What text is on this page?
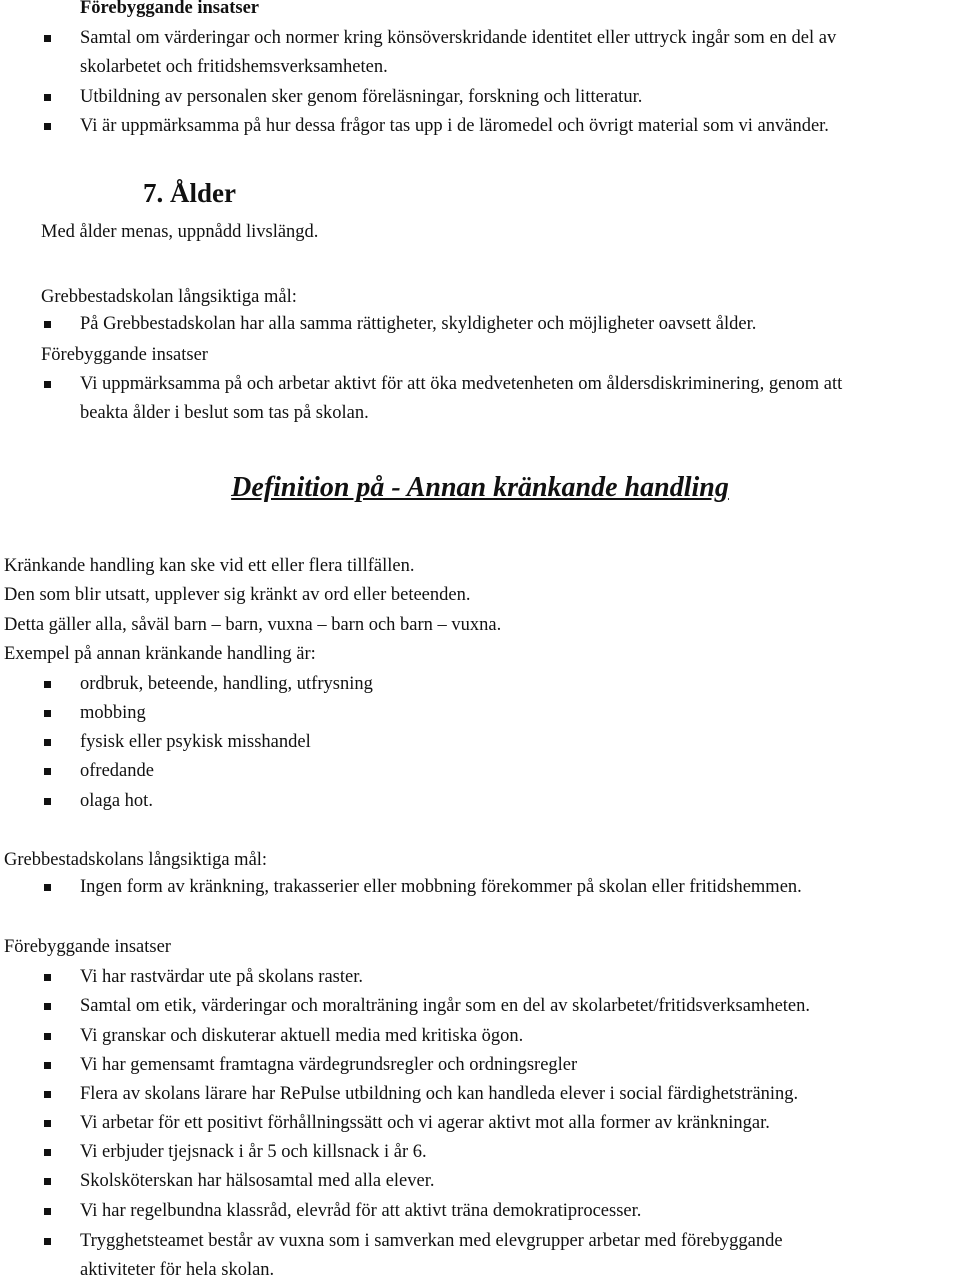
Förebyggande insatser
Samtal om värderingar och normer kring könsöverskridande identitet eller uttryck ingår som en del av
skolarbetet och fritidshemsverksamheten.
Utbildning av personalen sker genom föreläsningar, forskning och litteratur.
Vi är uppmärksamma på hur dessa frågor tas upp i de läromedel och övrigt material som vi använder.
7. Ålder
Med ålder menas, uppnådd livslängd.
Grebbestadskolan långsiktiga mål:
På Grebbestadskolan har alla samma rättigheter, skyldigheter och möjligheter oavsett ålder.
Förebyggande insatser
Vi uppmärksamma på och arbetar aktivt för att öka medvetenheten om åldersdiskriminering, genom att
beakta ålder i beslut som tas på skolan.
Definition på - Annan kränkande handling
Kränkande handling kan ske vid ett eller flera tillfällen.
Den som blir utsatt, upplever sig kränkt av ord eller beteenden.
Detta gäller alla, såväl barn – barn, vuxna – barn och barn – vuxna.
Exempel på annan kränkande handling är:
ordbruk, beteende, handling, utfrysning
mobbing
fysisk eller psykisk misshandel
ofredande
olaga hot.
Grebbestadskolans långsiktiga mål:
Ingen form av kränkning, trakasserier eller mobbning förekommer på skolan eller fritidshemmen.
Förebyggande insatser
Vi har rastvärdar ute på skolans raster.
Samtal om etik, värderingar och moralträning ingår som en del av skolarbetet/fritidsverksamheten.
Vi granskar och diskuterar aktuell media med kritiska ögon.
Vi har gemensamt framtagna värdegrundsregler och ordningsregler
Flera av skolans lärare har RePulse utbildning och kan handleda elever i social färdighetsträning.
Vi arbetar för ett positivt förhållningssätt och vi agerar aktivt mot alla former av kränkningar.
Vi erbjuder tjejsnack i år 5 och killsnack i år 6.
Skolsköterskan har hälsosamtal med alla elever.
Vi har regelbundna klassråd, elevråd för att aktivt träna demokratiprocesser.
Trygghetsteamet består av vuxna som i samverkan med elevgrupper arbetar med förebyggande
aktiviteter för hela skolan.
